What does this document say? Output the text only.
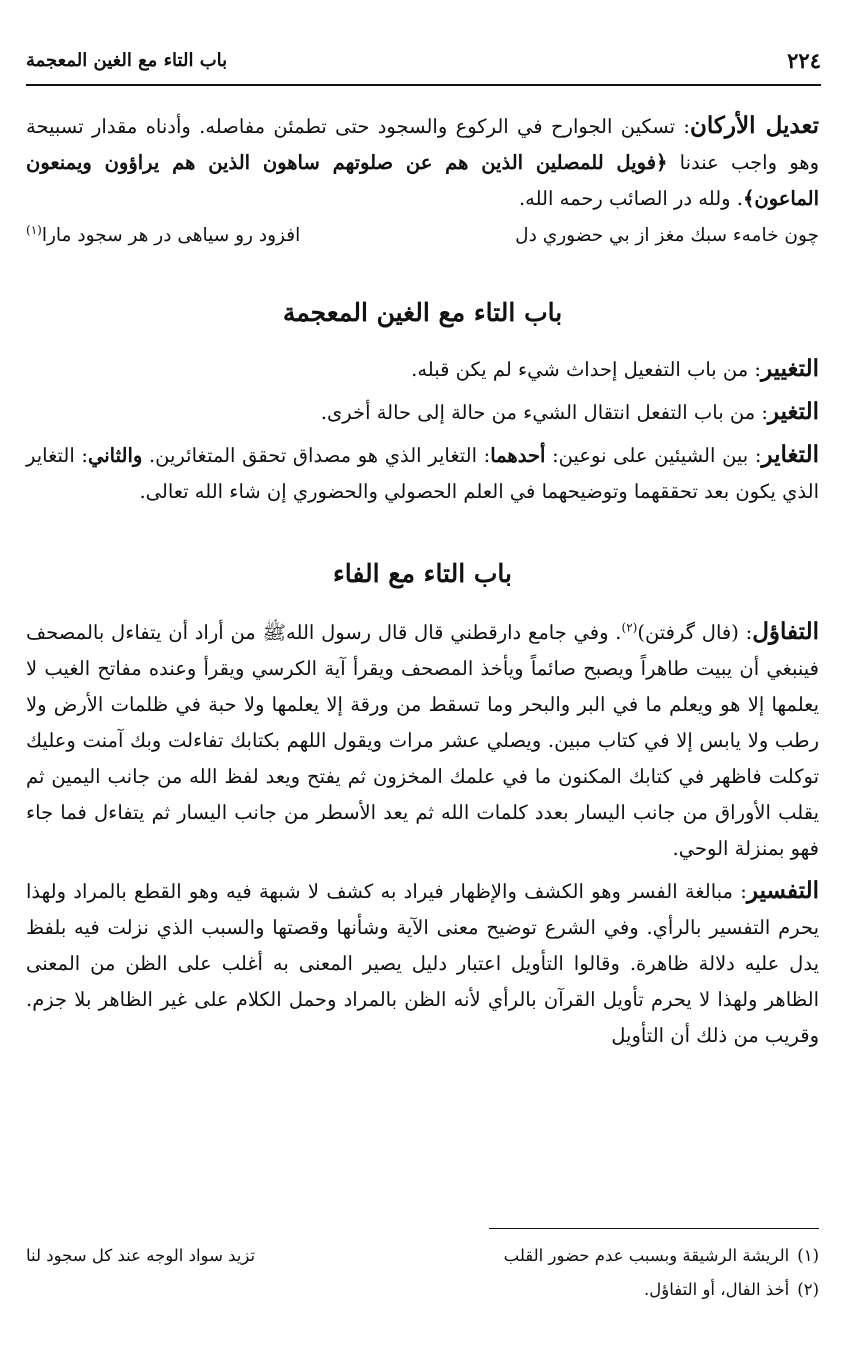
٢٢٤
باب التاء مع الغين المعجمة

تعديل الأركان: تسكين الجوارح في الركوع والسجود حتى تطمئن مفاصله. وأدناه مقدار تسبيحة وهو واجب عندنا ﴿فويل للمصلين الذين هم عن صلوتهم ساهون الذين هم يراؤون ويمنعون الماعون﴾. ولله در الصائب رحمه الله.

چون خامهء سبك مغز از بي حضوري دل
افزود رو سياهى در هر سجود مارا$^{(١)}$
باب التاء مع الغين المعجمة

التغيير: من باب التفعيل إحداث شيء لم يكن قبله.

التغير: من باب التفعل انتقال الشيء من حالة إلى حالة أخرى.

التغاير: بين الشيئين على نوعين: أحدهما: التغاير الذي هو مصداق تحقق المتغائرين. والثاني: التغاير الذي يكون بعد تحققهما وتوضيحهما في العلم الحصولي والحضوري إن شاء الله تعالى.

باب التاء مع الفاء

التفاؤل: (فال گرفتن)$^{(٢)}$. وفي جامع دارقطني قال قال رسول اللهﷺ من أراد أن يتفاءل بالمصحف فينبغي أن يبيت طاهراً ويصبح صائماً ويأخذ المصحف ويقرأ آية الكرسي ويقرأ وعنده مفاتح الغيب لا يعلمها إلا هو ويعلم ما في البر والبحر وما تسقط من ورقة إلا يعلمها ولا حبة في ظلمات الأرض ولا رطب ولا يابس إلا في كتاب مبين. ويصلي عشر مرات ويقول اللهم بكتابك تفاءلت وبك آمنت وعليك توكلت فاظهر في كتابك المكنون ما في علمك المخزون ثم يفتح ويعد لفظ الله من جانب اليمين ثم يقلب الأوراق من جانب اليسار بعدد كلمات الله ثم يعد الأسطر من جانب اليسار ثم يتفاءل فما جاء فهو بمنزلة الوحي.

التفسير: مبالغة الفسر وهو الكشف والإظهار فيراد به كشف لا شبهة فيه وهو القطع بالمراد ولهذا يحرم التفسير بالرأي. وفي الشرع توضيح معنى الآية وشأنها وقصتها والسبب الذي نزلت فيه بلفظ يدل عليه دلالة ظاهرة. وقالوا التأويل اعتبار دليل يصير المعنى به أغلب على الظن من المعنى الظاهر ولهذا لا يحرم تأويل القرآن بالرأي لأنه الظن بالمراد وحمل الكلام على غير الظاهر بلا جزم. وقريب من ذلك أن التأويل

(١)الريشة الرشيقة وبسبب عدم حضور القلب
تزيد سواد الوجه عند كل سجود لنا
(٢)أخذ الفال، أو التفاؤل.
